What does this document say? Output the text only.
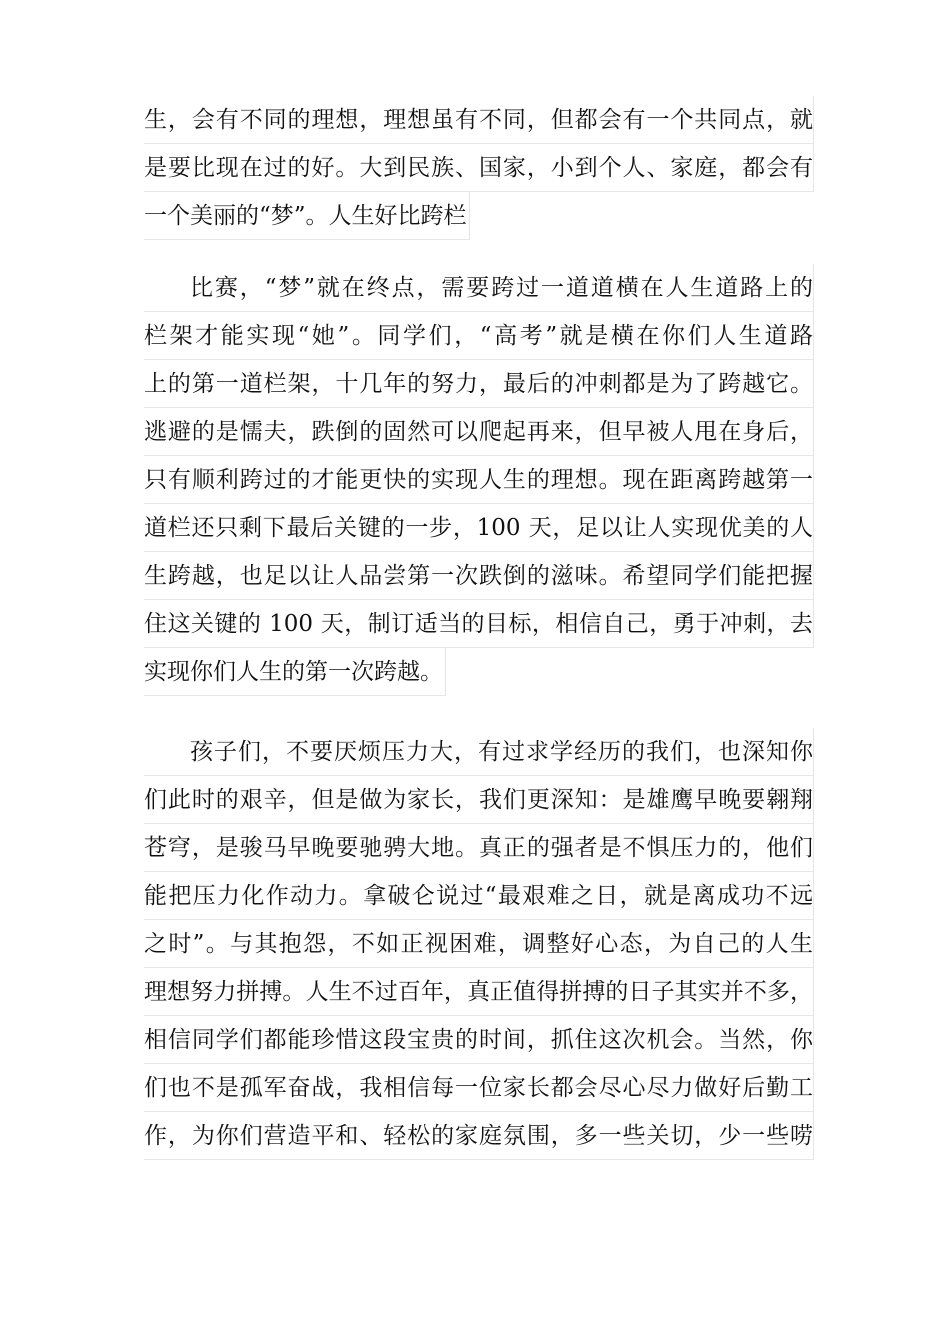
生，会有不同的理想，理想虽有不同，但都会有一个共同点，就
是要比现在过的好。大到民族、国家，小到个人、家庭，都会有
一个美丽的“梦”。人生好比跨栏
比赛，“梦”就在终点，需要跨过一道道横在人生道路上的
栏架才能实现“她”。同学们，“高考”就是横在你们人生道路
上的第一道栏架，十几年的努力，最后的冲刺都是为了跨越它。
逃避的是懦夫，跌倒的固然可以爬起再来，但早被人甩在身后，
只有顺利跨过的才能更快的实现人生的理想。现在距离跨越第一
道栏还只剩下最后关键的一步，100 天，足以让人实现优美的人
生跨越，也足以让人品尝第一次跌倒的滋味。希望同学们能把握
住这关键的 100 天，制订适当的目标，相信自己，勇于冲刺，去
实现你们人生的第一次跨越。
孩子们，不要厌烦压力大，有过求学经历的我们，也深知你
们此时的艰辛，但是做为家长，我们更深知：是雄鹰早晚要翱翔
苍穹，是骏马早晚要驰骋大地。真正的强者是不惧压力的，他们
能把压力化作动力。拿破仑说过“最艰难之日，就是离成功不远
之时”。与其抱怨，不如正视困难，调整好心态，为自己的人生
理想努力拼搏。人生不过百年，真正值得拼搏的日子其实并不多，
相信同学们都能珍惜这段宝贵的时间，抓住这次机会。当然，你
们也不是孤军奋战，我相信每一位家长都会尽心尽力做好后勤工
作，为你们营造平和、轻松的家庭氛围，多一些关切，少一些唠
